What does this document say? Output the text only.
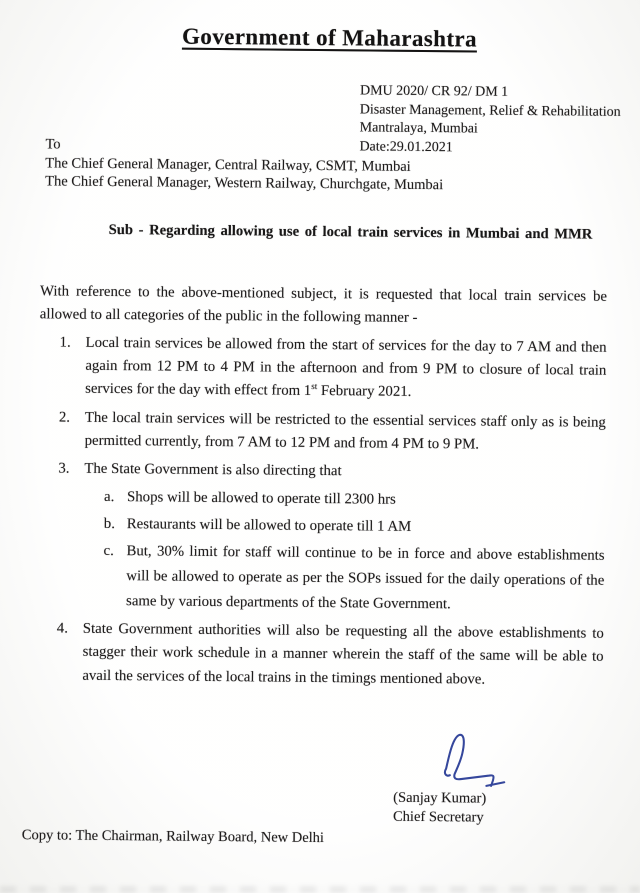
Government of Maharashtra
DMU 2020/ CR 92/ DM 1
Disaster Management, Relief & Rehabilitation
Mantralaya, Mumbai
Date:29.01.2021
To
The Chief General Manager, Central Railway, CSMT, Mumbai
The Chief General Manager, Western Railway, Churchgate, Mumbai
Sub - Regarding allowing use of local train services in Mumbai and MMR
With reference to the above-mentioned subject, it is requested that local train services be allowed to all categories of the public in the following manner -
1. Local train services be allowed from the start of services for the day to 7 AM and then again from 12 PM to 4 PM in the afternoon and from 9 PM to closure of local train services for the day with effect from 1st February 2021.
2. The local train services will be restricted to the essential services staff only as is being permitted currently, from 7 AM to 12 PM and from 4 PM to 9 PM.
3. The State Government is also directing that
a. Shops will be allowed to operate till 2300 hrs
b. Restaurants will be allowed to operate till 1 AM
c. But, 30% limit for staff will continue to be in force and above establishments will be allowed to operate as per the SOPs issued for the daily operations of the same by various departments of the State Government.
4. State Government authorities will also be requesting all the above establishments to stagger their work schedule in a manner wherein the staff of the same will be able to avail the services of the local trains in the timings mentioned above.
(Sanjay Kumar)
Chief Secretary
Copy to: The Chairman, Railway Board, New Delhi
